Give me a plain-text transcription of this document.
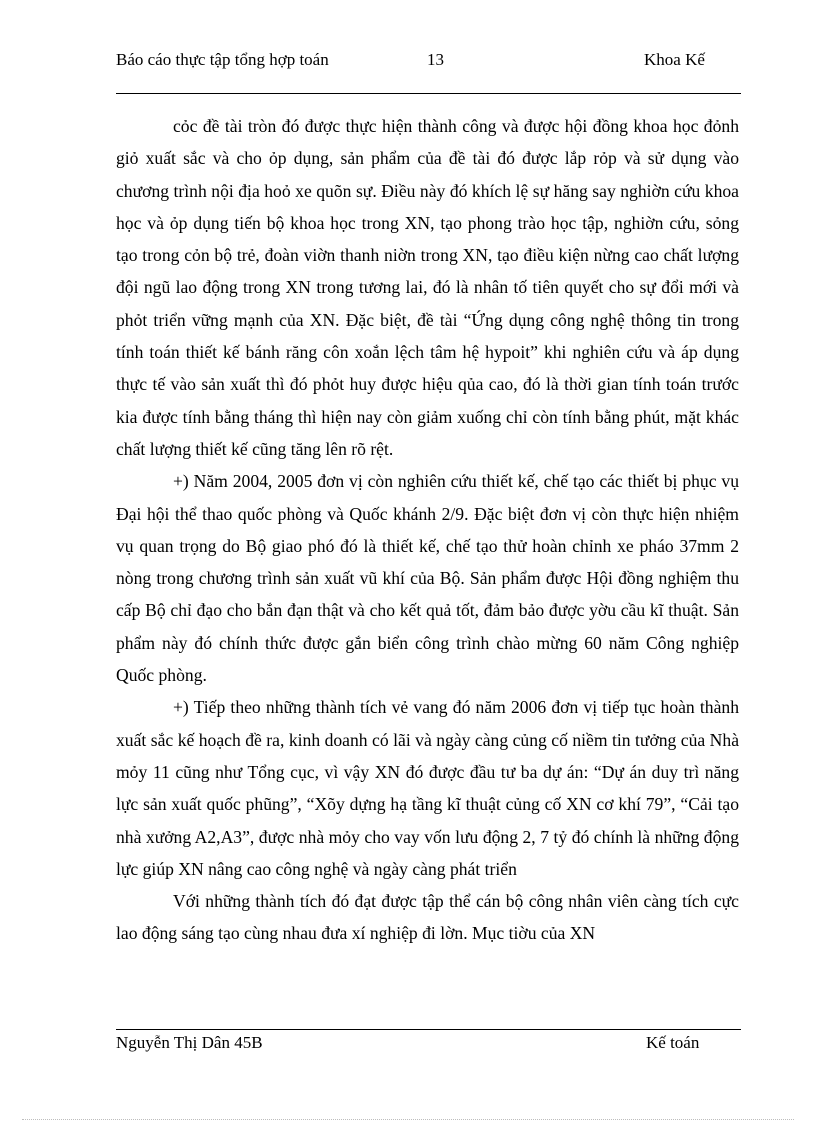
Báo cáo thực tập tổng hợp toán	13	Khoa Kế

cỏc đề tài tròn đó được thực hiện thành công và được hội đồng khoa học đỏnh giỏ xuất sắc và cho ỏp dụng, sản phẩm của đề tài đó được lắp rỏp và sử dụng vào chương trình nội địa hoỏ xe quõn sự. Điều này đó khích lệ sự hăng say nghiờn cứu khoa học và ỏp dụng tiến bộ khoa học trong XN, tạo phong trào học tập, nghiờn cứu, sỏng tạo trong cỏn bộ trẻ, đoàn viờn thanh niờn trong XN, tạo điều kiện nừng cao chất lượng đội ngũ lao động trong XN trong tương lai, đó là nhân tố tiên quyết cho sự đổi mới và phỏt triển vững mạnh của XN. Đặc biệt, đề tài “Ứng dụng công nghệ thông tin trong tính toán thiết kế bánh răng côn xoắn lệch tâm hệ hypoit” khi nghiên cứu và áp dụng thực tế vào sản xuất thì đó phỏt huy được hiệu qủa cao, đó là thời gian tính toán trước kia được tính bằng tháng thì hiện nay còn giảm xuống chỉ còn tính bằng phút, mặt khác chất lượng thiết kế cũng tăng lên rõ rệt.

+) Năm 2004, 2005 đơn vị còn nghiên cứu thiết kế, chế tạo các thiết bị phục vụ Đại hội thể thao quốc phòng và Quốc khánh 2/9. Đặc biệt đơn vị còn thực hiện nhiệm vụ quan trọng do Bộ giao phó đó là thiết kế, chế tạo thử hoàn chỉnh xe pháo 37mm 2 nòng trong chương trình sản xuất vũ khí của Bộ. Sản phẩm được Hội đồng nghiệm thu cấp Bộ chỉ đạo cho bắn đạn thật và cho kết quả tốt, đảm bảo được yờu cầu kĩ thuật. Sản phẩm này đó chính thức được gắn biển công trình chào mừng 60 năm Công nghiệp Quốc phòng.

+) Tiếp theo những thành tích vẻ vang đó năm 2006 đơn vị tiếp tục hoàn thành xuất sắc kế hoạch đề ra, kinh doanh có lãi và ngày càng củng cố niềm tin tưởng của Nhà mỏy 11 cũng như Tổng cục, vì vậy XN đó được đầu tư ba dự án: “Dự án duy trì năng lực sản xuất quốc phũng”, “Xõy dựng hạ tầng kĩ thuật củng cố XN cơ khí 79”, “Cải tạo nhà xưởng A2,A3”, được nhà mỏy cho vay vốn lưu động 2, 7 tỷ đó chính là những động lực giúp XN nâng cao công nghệ và ngày càng phát triển

Với những thành tích đó đạt được tập thể cán bộ công nhân viên càng tích cực lao động sáng tạo cùng nhau đưa xí nghiệp đi lờn. Mục tiờu của XN

Nguyễn Thị Dân 45B	Kế toán
